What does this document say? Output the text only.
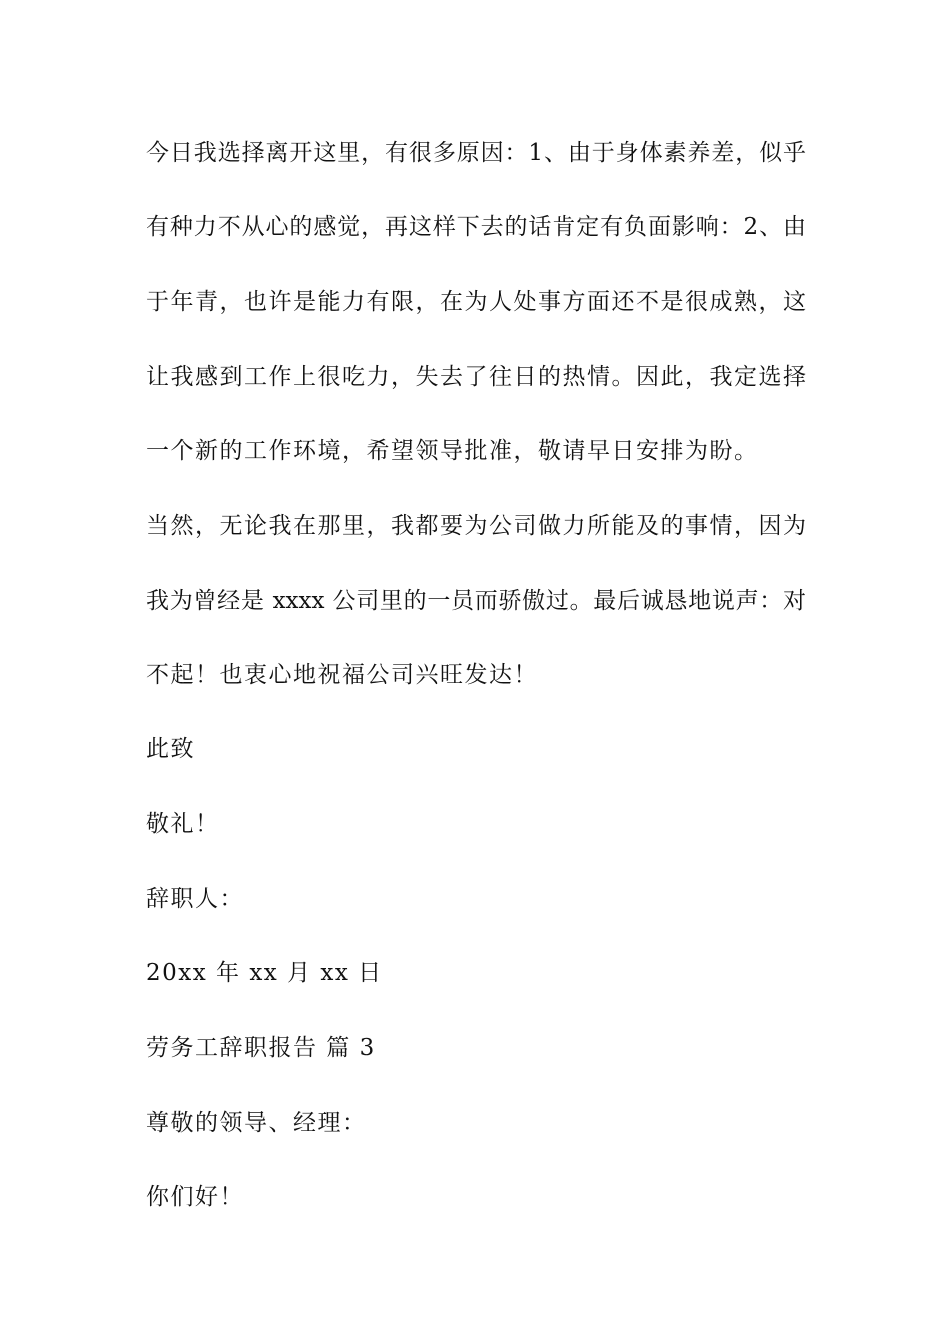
今日我选择离开这里，有很多原因：1、由于身体素养差，似乎
有种力不从心的感觉，再这样下去的话肯定有负面影响：2、由
于年青，也许是能力有限，在为人处事方面还不是很成熟，这
让我感到工作上很吃力，失去了往日的热情。因此，我定选择
一个新的工作环境，希望领导批准，敬请早日安排为盼。
当然，无论我在那里，我都要为公司做力所能及的事情，因为
我为曾经是 xxxx 公司里的一员而骄傲过。最后诚恳地说声：对
不起！也衷心地祝福公司兴旺发达！
此致
敬礼！
辞职人：
20xx 年 xx 月 xx 日
劳务工辞职报告 篇 3
尊敬的领导、经理：
你们好！
